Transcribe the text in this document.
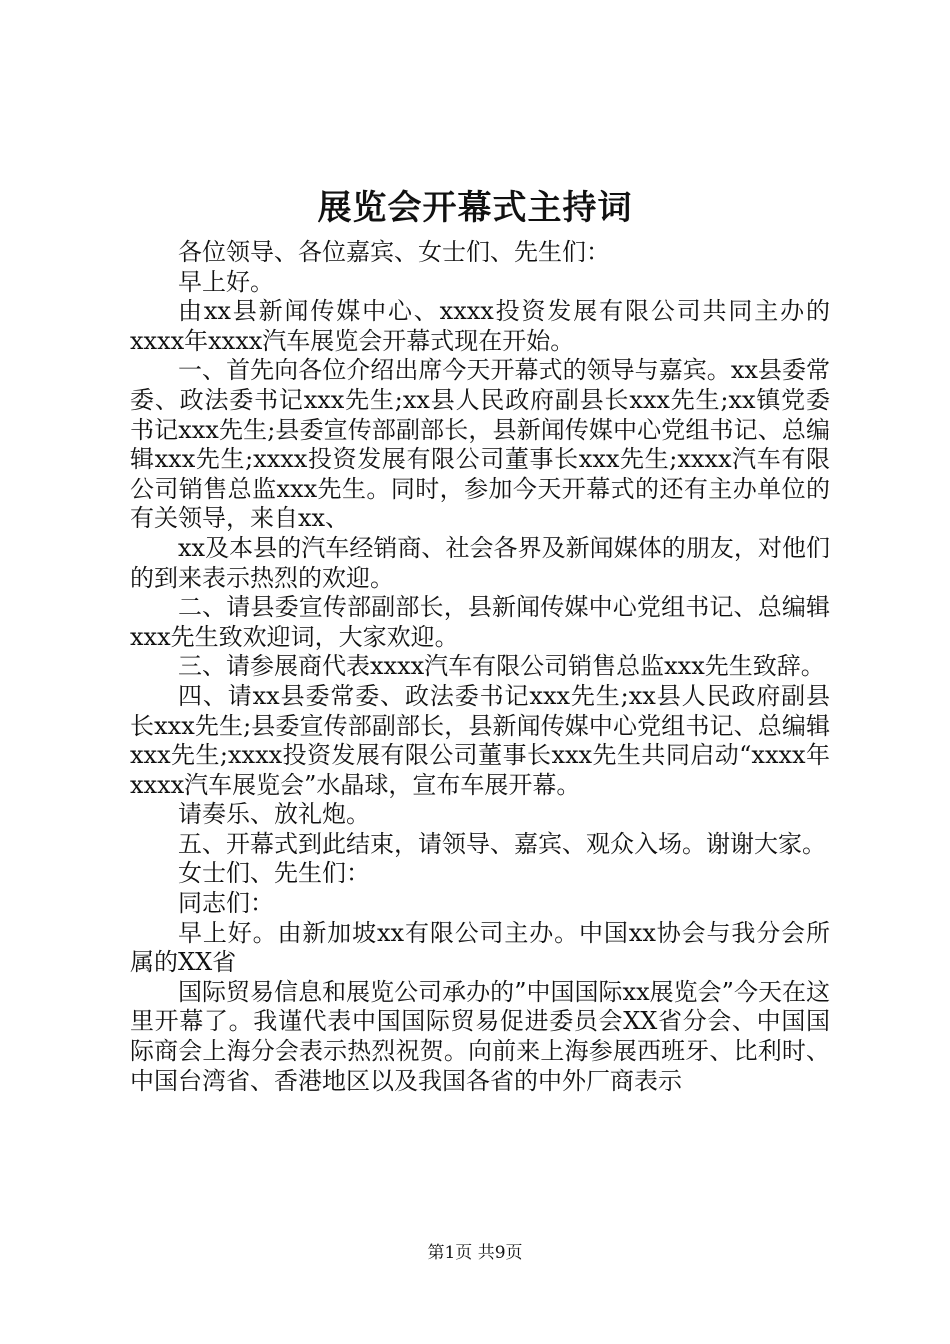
展览会开幕式主持词

各位领导、各位嘉宾、女士们、先生们：

早上好。

由xx县新闻传媒中心、xxxx投资发展有限公司共同主办的xxxx年xxxx汽车展览会开幕式现在开始。

一、首先向各位介绍出席今天开幕式的领导与嘉宾。xx县委常委、政法委书记xxx先生;xx县人民政府副县长xxx先生;xx镇党委书记xxx先生;县委宣传部副部长，县新闻传媒中心党组书记、总编辑xxx先生;xxxx投资发展有限公司董事长xxx先生;xxxx汽车有限公司销售总监xxx先生。同时，参加今天开幕式的还有主办单位的有关领导，来自xx、

xx及本县的汽车经销商、社会各界及新闻媒体的朋友，对他们的到来表示热烈的欢迎。

二、请县委宣传部副部长，县新闻传媒中心党组书记、总编辑xxx先生致欢迎词，大家欢迎。

三、请参展商代表xxxx汽车有限公司销售总监xxx先生致辞。

四、请xx县委常委、政法委书记xxx先生;xx县人民政府副县长xxx先生;县委宣传部副部长，县新闻传媒中心党组书记、总编辑xxx先生;xxxx投资发展有限公司董事长xxx先生共同启动“xxxx年xxxx汽车展览会”水晶球，宣布车展开幕。

请奏乐、放礼炮。

五、开幕式到此结束，请领导、嘉宾、观众入场。谢谢大家。

女士们、先生们：

同志们：

早上好。由新加坡xx有限公司主办。中国xx协会与我分会所属的XX省

国际贸易信息和展览公司承办的”中国国际xx展览会”今天在这里开幕了。我谨代表中国国际贸易促进委员会XX省分会、中国国际商会上海分会表示热烈祝贺。向前来上海参展西班牙、比利时、中国台湾省、香港地区以及我国各省的中外厂商表示

第1页 共9页
